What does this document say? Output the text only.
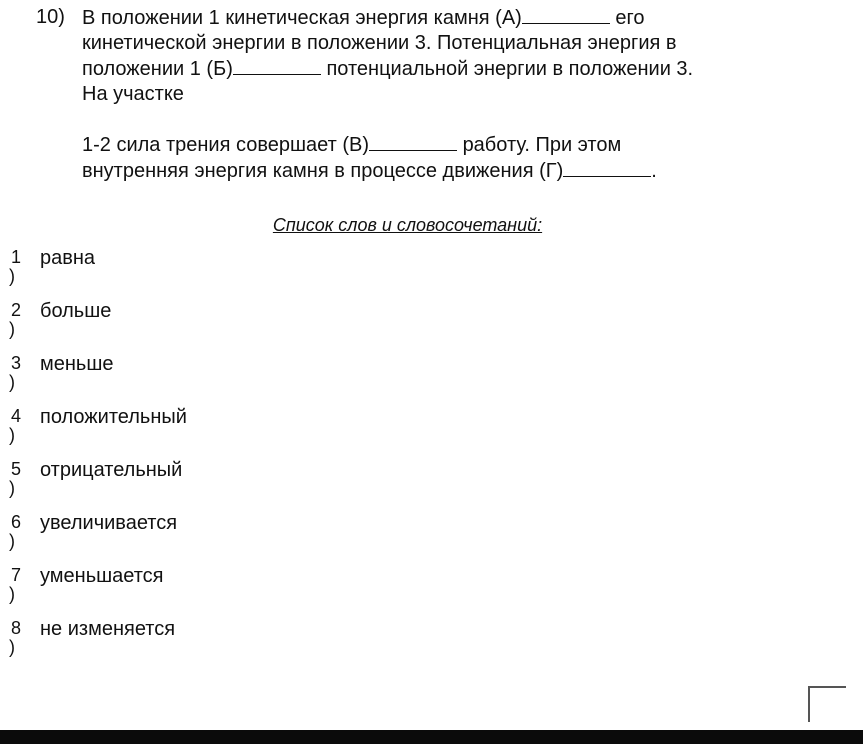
10) В положении 1 кинетическая энергия камня (А)	его
кинетической энергии в положении 3. Потенциальная энергия в
положении 1 (Б)	потенциальной энергии в положении 3.
На участке
1-2 сила трения совершает (В)	работу. При этом
внутренняя энергия камня в процессе движения (Г)	.
Список слов и словосочетаний:
1
)
равна
2
)
больше
3
)
меньше
4
)
положительный
5
)
отрицательный
6
)
увеличивается
7
)
уменьшается
8
)
не изменяется
